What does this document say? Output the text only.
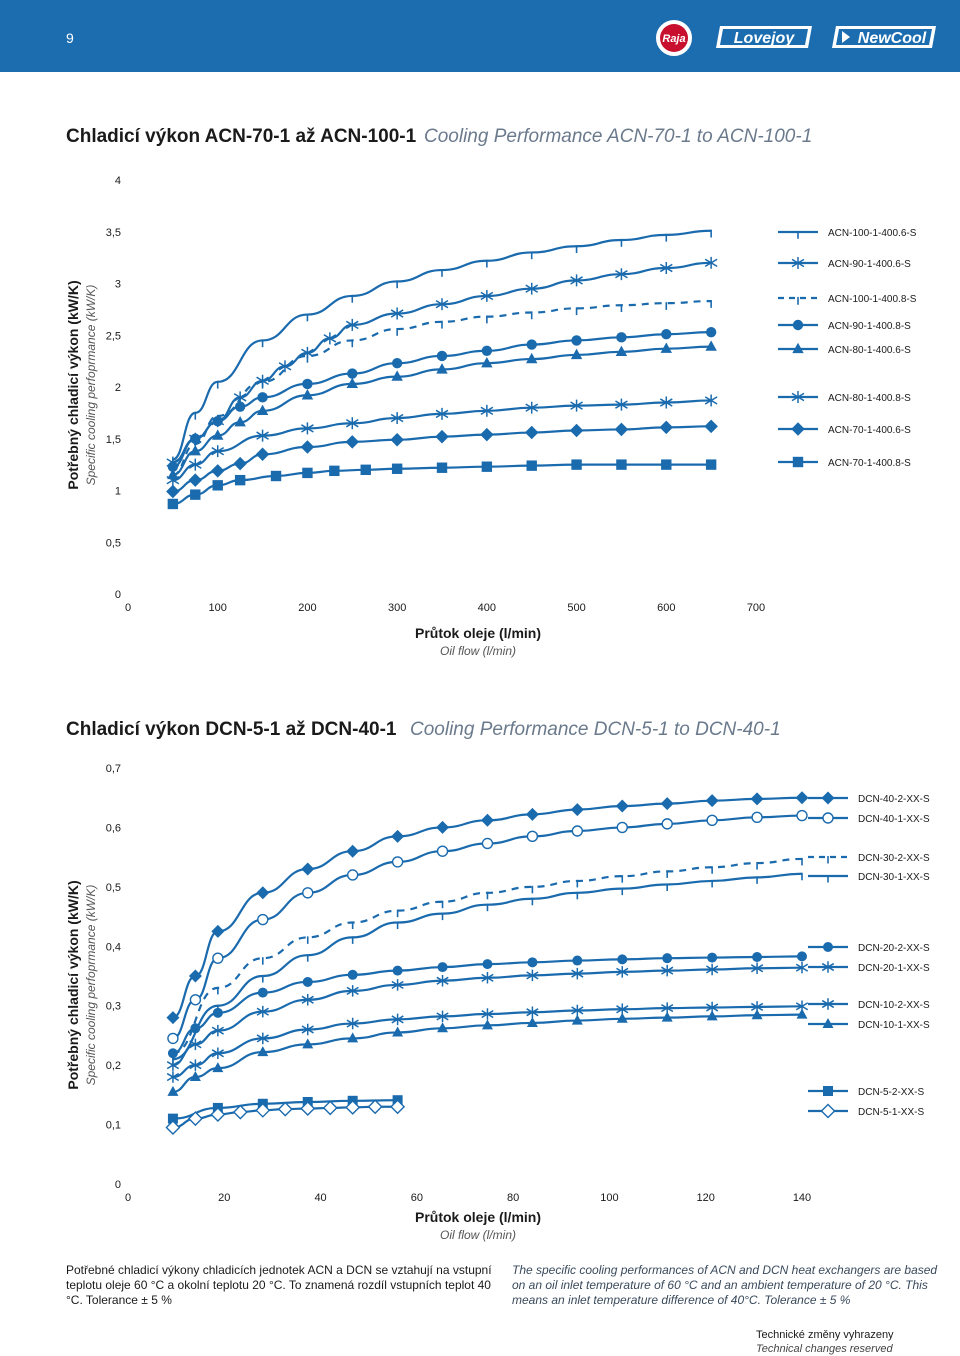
9	Raja	Lovejoy	NewCool
Chladicí výkon ACN-70-1 až ACN-100-1 Cooling Performance ACN-70-1 to ACN-100-1
0
0,5
1
1,5
2
2,5
3
3,5
4
0	100	200	300	400	500	600	700
Průtok oleje (l/min)
Oil flow (l/min)
Potřebný chladicí výkon (kW/K) Specific cooling perfoprmance (kW/K)
ACN-100-1-400.6-S
ACN-90-1-400.6-S
ACN-100-1-400.8-S
ACN-90-1-400.8-S
ACN-80-1-400.6-S
ACN-80-1-400.8-S
ACN-70-1-400.6-S
ACN-70-1-400.8-S
Chladicí výkon DCN-5-1 až DCN-40-1 Cooling Performance DCN-5-1 to DCN-40-1
0
0,1
0,2
0,3
0,4
0,5
0,6
0,7
0	20	40	60	80	100	120	140
Průtok oleje (l/min)
Oil flow (l/min)
Potřebný chladicí výkon (kW/K) Specific cooling perfoprmance (kW/K)
DCN-40-2-XX-S
DCN-40-1-XX-S
DCN-30-2-XX-S
DCN-30-1-XX-S
DCN-20-2-XX-S
DCN-20-1-XX-S
DCN-10-2-XX-S
DCN-10-1-XX-S
DCN-5-2-XX-S
DCN-5-1-XX-S
Potřebné chladicí výkony chladicích jednotek ACN a DCN se vztahují na vstupní teplotu oleje 60 °C a okolní teplotu 20 °C. To znamená rozdíl vstupních teplot 40 °C. Tolerance ± 5 %
The specific cooling performances of ACN and DCN heat exchangers are based on an oil inlet temperature of 60 °C and an ambient temperature of 20 °C. This means an inlet temperature difference of 40°C. Tolerance ± 5 %
Technické změny vyhrazeny
Technical changes reserved
